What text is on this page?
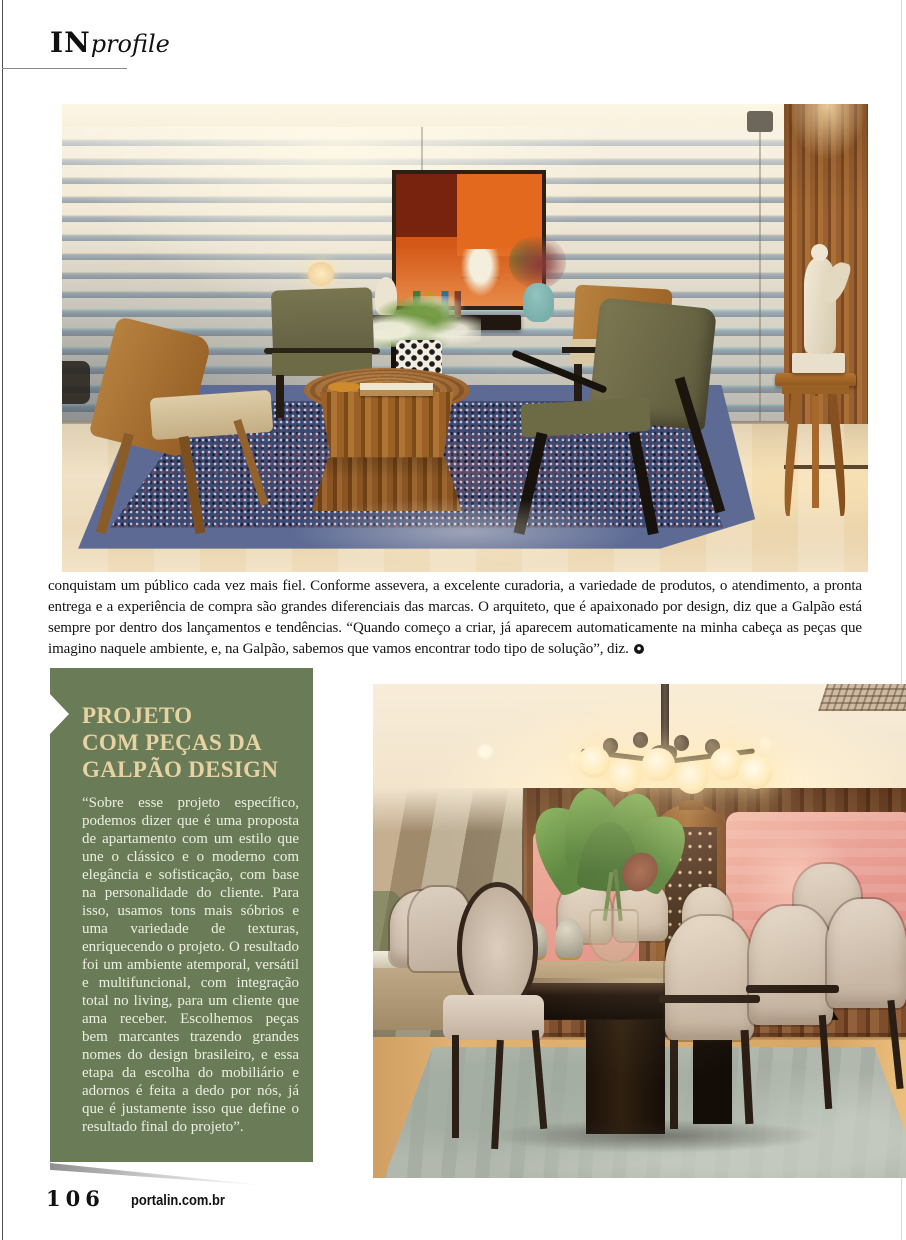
INprofile

conquistam um público cada vez mais fiel. Conforme assevera, a excelente curadoria, a variedade de produtos, o atendimento, a pronta entrega e a experiência de compra são grandes diferenciais das marcas. O arquiteto, que é apaixonado por design, diz que a Galpão está sempre por dentro dos lançamentos e tendências. “Quando começo a criar, já aparecem automaticamente na minha cabeça as peças que imagino naquele ambiente, e, na Galpão, sabemos que vamos encontrar todo tipo de solução”, diz.

PROJETO
COM PEÇAS DA
GALPÃO DESIGN

“Sobre esse projeto específico, podemos dizer que é uma proposta de apartamento com um estilo que une o clássico e o moderno com elegância e sofisticação, com base na personalidade do cliente. Para isso, usamos tons mais sóbrios e uma variedade de texturas, enriquecendo o projeto. O resultado foi um ambiente atemporal, versátil e multifuncional, com integração total no living, para um cliente que ama receber. Escolhemos peças bem marcantes trazendo grandes nomes do design brasileiro, e essa etapa da escolha do mobiliário e adornos é feita a dedo por nós, já que é justamente isso que define o resultado final do projeto”.

106 portalin.com.br
